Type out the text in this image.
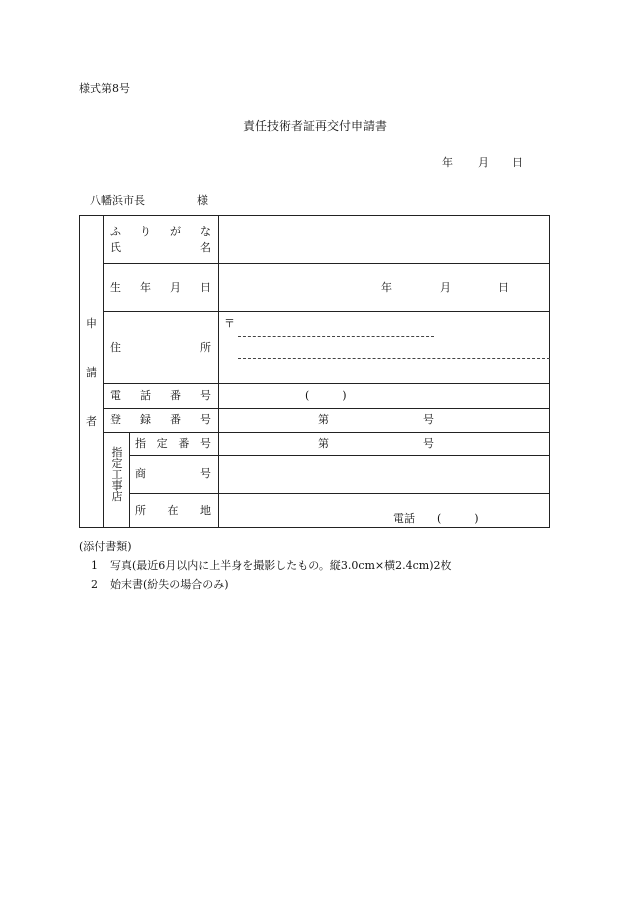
様式第8号
責任技術者証再交付申請書
年 月 日
八幡浜市長	様
申
請
者
ふ り が な
氏	名
生 年 月 日	年	月	日
住	所
〒
電 話 番 号	(　　　)
登 録 番 号	第	号
指
定
工
事
店
指 定 番 号	第	号
商	号
所 在 地
電話　　(　　　)
(添付書類)
1 写真(最近6月以内に上半身を撮影したもの。縦3.0cm×横2.4cm)2枚
2 始末書(紛失の場合のみ)
